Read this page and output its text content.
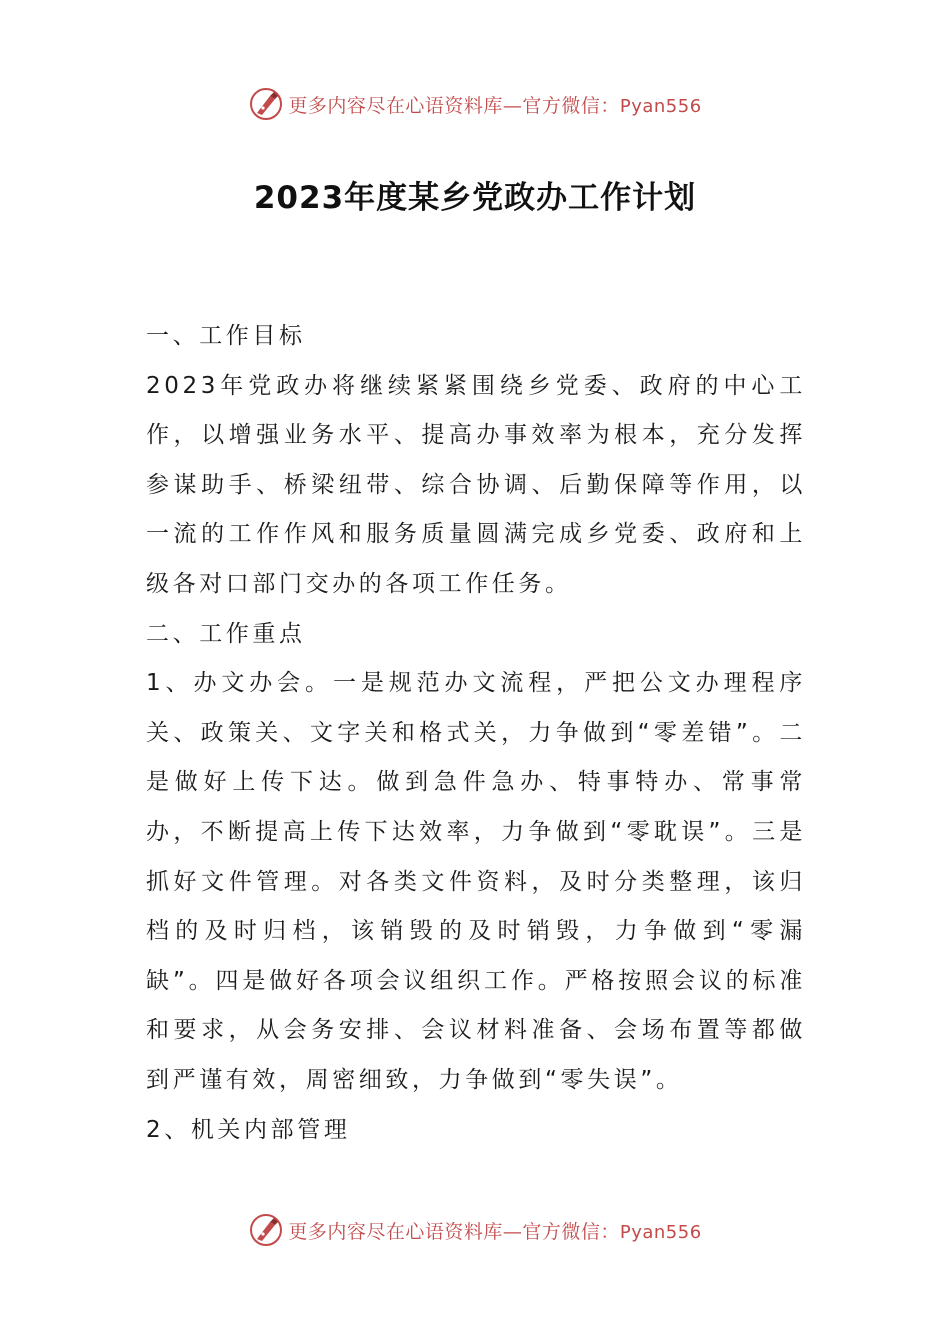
更多内容尽在心语资料库—官方微信：Pyan556
2023年度某乡党政办工作计划

一、工作目标

2023年党政办将继续紧紧围绕乡党委、政府的中心工作，以增强业务水平、提高办事效率为根本，充分发挥参谋助手、桥梁纽带、综合协调、后勤保障等作用，以一流的工作作风和服务质量圆满完成乡党委、政府和上级各对口部门交办的各项工作任务。

二、工作重点

1、办文办会。一是规范办文流程，严把公文办理程序关、政策关、文字关和格式关，力争做到“零差错”。二是做好上传下达。做到急件急办、特事特办、常事常办，不断提高上传下达效率，力争做到“零耽误”。三是抓好文件管理。对各类文件资料，及时分类整理，该归档的及时归档，该销毁的及时销毁，力争做到“零漏缺”。四是做好各项会议组织工作。严格按照会议的标准和要求，从会务安排、会议材料准备、会场布置等都做到严谨有效，周密细致，力争做到“零失误”。

2、机关内部管理

更多内容尽在心语资料库—官方微信：Pyan556
